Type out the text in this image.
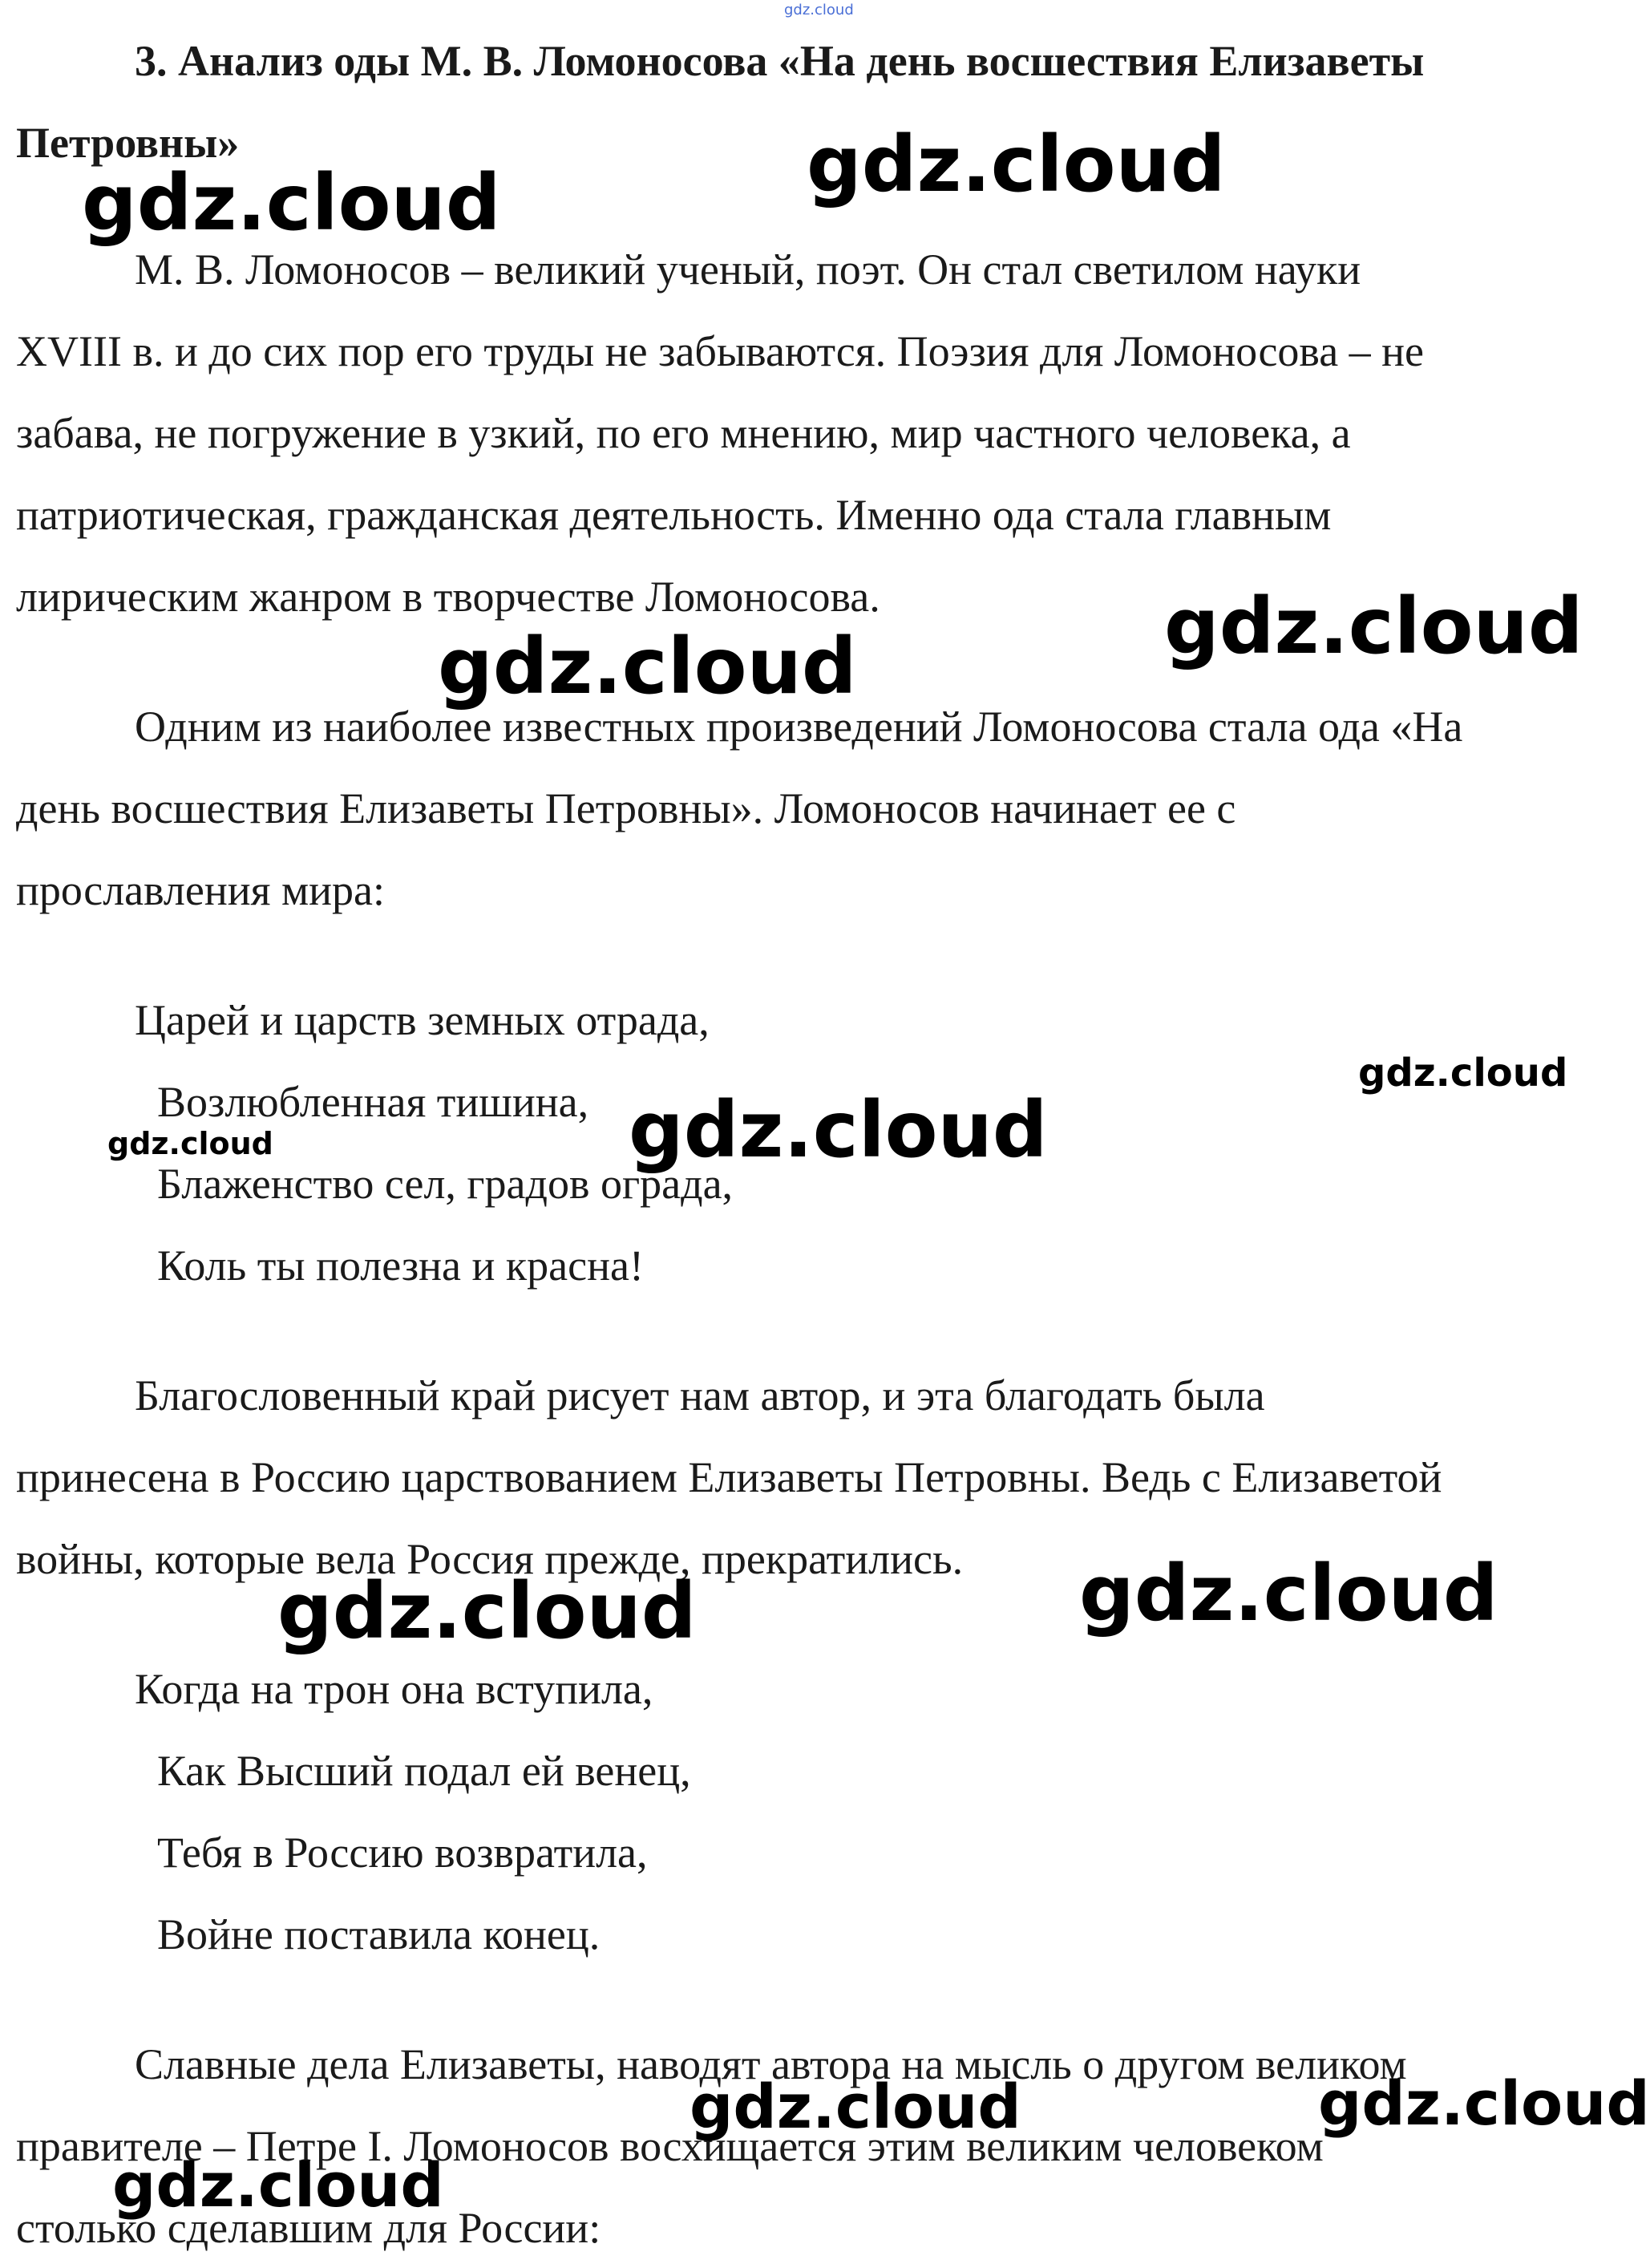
gdz.cloud
3. Анализ оды М. В. Ломоносова «На день восшествия Елизаветы
Петровны»
М. В. Ломоносов – великий ученый, поэт. Он стал светилом науки
XVIII в. и до сих пор его труды не забываются. Поэзия для Ломоносова – не
забава, не погружение в узкий, по его мнению, мир частного человека, а
патриотическая, гражданская деятельность. Именно ода стала главным
лирическим жанром в творчестве Ломоносова.
Одним из наиболее известных произведений Ломоносова стала ода «На
день восшествия Елизаветы Петровны». Ломоносов начинает ее с
прославления мира:
Царей и царств земных отрада,
Возлюбленная тишина,
Блаженство сел, градов ограда,
Коль ты полезна и красна!
Благословенный край рисует нам автор, и эта благодать была
принесена в Россию царствованием Елизаветы Петровны. Ведь с Елизаветой
войны, которые вела Россия прежде, прекратились.
Когда на трон она вступила,
Как Высший подал ей венец,
Тебя в Россию возвратила,
Войне поставила конец.
Славные дела Елизаветы, наводят автора на мысль о другом великом
правителе – Петре I. Ломоносов восхищается этим великим человеком
столько сделавшим для России:
gdz.cloud
gdz.cloud
gdz.cloud
gdz.cloud
gdz.cloud
gdz.cloud
gdz.cloud
gdz.cloud
gdz.cloud
gdz.cloud	gdz.cloud
gdz.cloud
